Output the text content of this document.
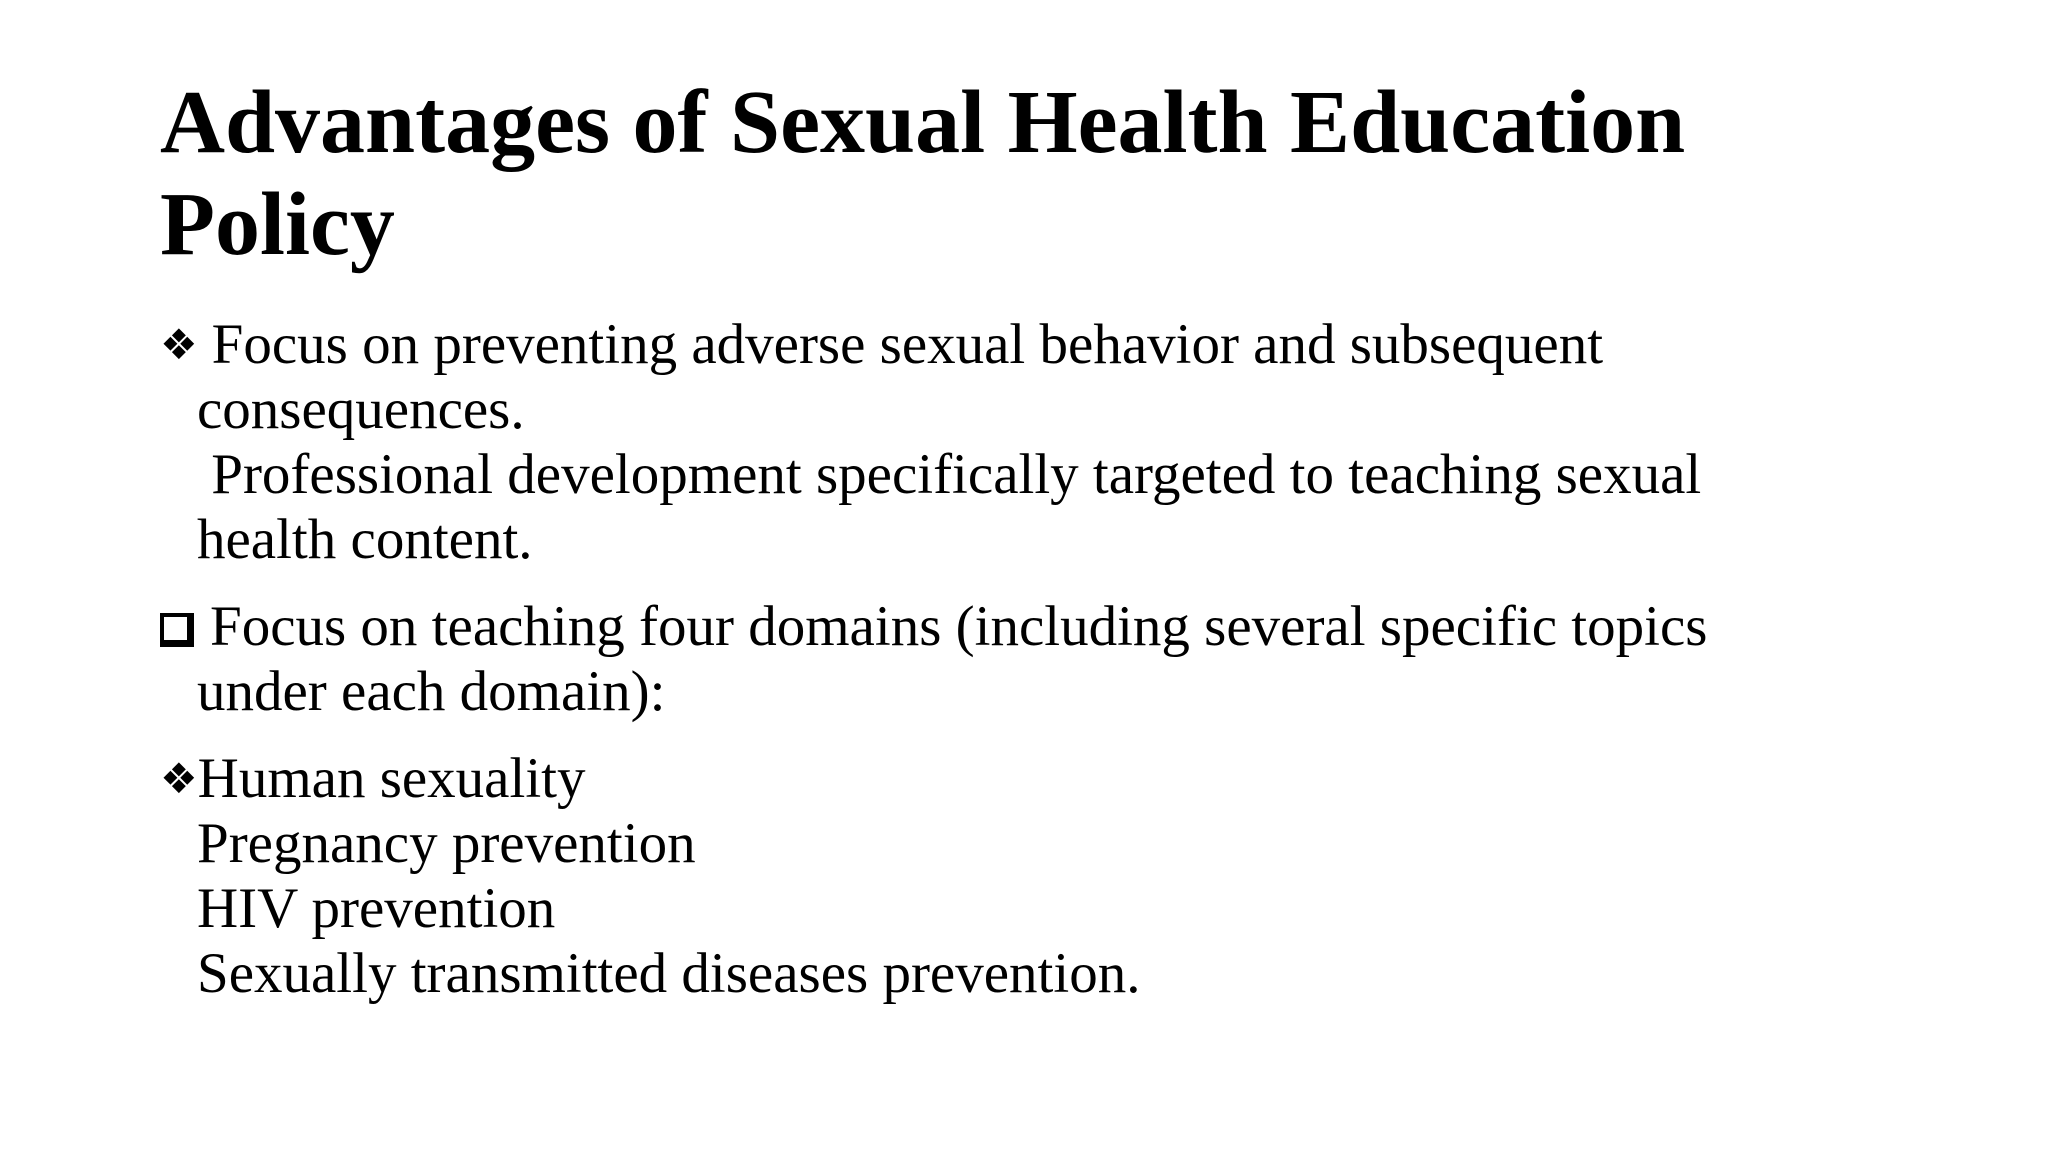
Advantages of Sexual Health Education
Policy
❖ Focus on preventing adverse sexual behavior and subsequent
consequences.
Professional development specifically targeted to teaching sexual
health content.
Focus on teaching four domains (including several specific topics
under each domain):
❖Human sexuality
Pregnancy prevention
HIV prevention
Sexually transmitted diseases prevention.
